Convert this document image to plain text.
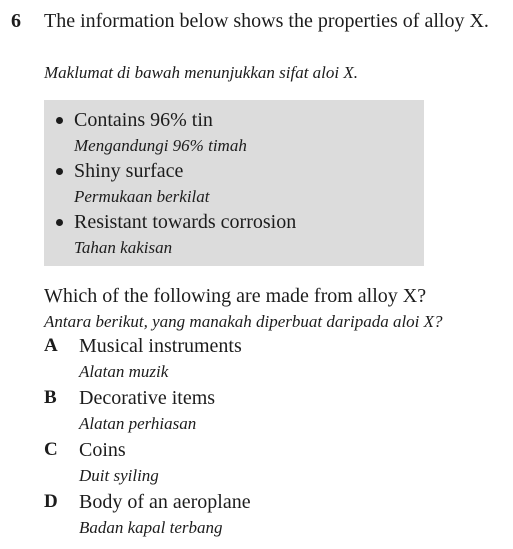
6 The information below shows the properties of alloy X.
Maklumat di bawah menunjukkan sifat aloi X.
Contains 96% tin
Mengandungi 96% timah
Shiny surface
Permukaan berkilat
Resistant towards corrosion
Tahan kakisan
Which of the following are made from alloy X?
Antara berikut, yang manakah diperbuat daripada aloi X?
A Musical instruments
Alatan muzik
B Decorative items
Alatan perhiasan
C Coins
Duit syiling
D Body of an aeroplane
Badan kapal terbang
